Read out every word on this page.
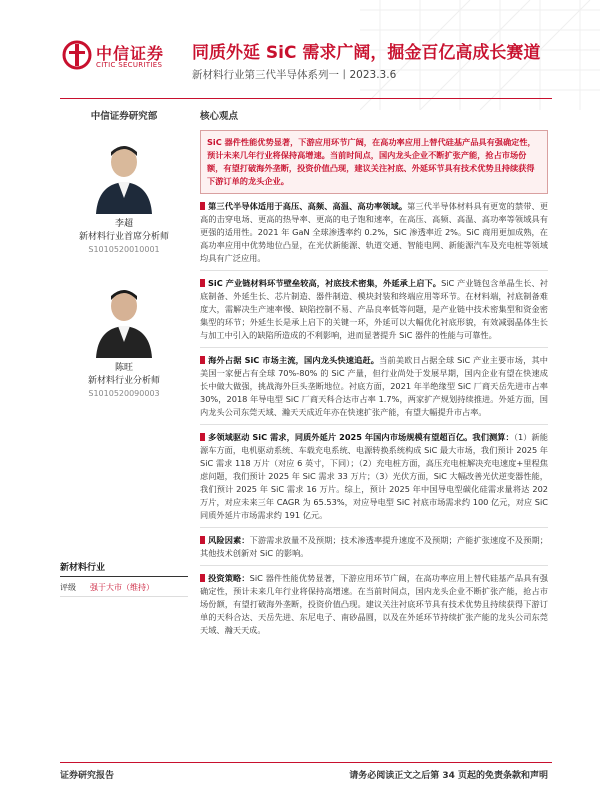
中信证券
CITIC SECURITIES
同质外延 SiC 需求广阔，掘金百亿高成长赛道
新材料行业第三代半导体系列一丨2023.3.6
中信证券研究部
李超
新材料行业首席分析师
S1010520010001
陈旺
新材料行业分析师
S1010520090003
新材料行业
评级	强于大市（维持）
核心观点
SiC 器件性能优势显著，下游应用环节广阔，在高功率应用上替代硅基产品具有强确定性，预计未来几年行业将保持高增速。当前时间点，国内龙头企业不断扩张产能，抢占市场份额，有望打破海外垄断，投资价值凸现，建议关注衬底、外延环节具有技术优势且持续获得下游订单的龙头企业。
第三代半导体适用于高压、高频、高温、高功率领域。第三代半导体材料具有更宽的禁带、更高的击穿电场、更高的热导率、更高的电子饱和速率，在高压、高频、高温、高功率等领域具有更强的适用性。2021 年 GaN 全球渗透率约 0.2%，SiC 渗透率近 2%。SiC 商用更加成熟，在高功率应用中优势地位凸显，在光伏新能源、轨道交通、智能电网、新能源汽车及充电桩等领域均具有广泛应用。
SiC 产业链材料环节壁垒较高，衬底技术密集，外延承上启下。SiC 产业链包含单晶生长、衬底制备、外延生长、芯片制造、器件制造、模块封装和终端应用等环节。在材料端，衬底制备难度大，需解决生产速率慢、缺陷控制不易、产品良率低等问题，是产业链中技术密集型和资金密集型的环节；外延生长是承上启下的关键一环，外延可以大幅优化衬底形貌，有效减弱晶体生长与加工中引入的缺陷所造成的不利影响，进而显著提升 SiC 器件的性能与可靠性。
海外占据 SiC 市场主流，国内龙头快速追赶。当前美欧日占据全球 SiC 产业主要市场，其中美国一家便占有全球 70%-80% 的 SiC 产量，但行业尚处于发展早期，国内企业有望在快速成长中做大做强，挑战海外巨头垄断地位。衬底方面，2021 年半绝缘型 SiC 厂商天岳先进市占率 30%，2018 年导电型 SiC 厂商天科合达市占率 1.7%，两家扩产规划持续推进。外延方面，国内龙头公司东莞天域、瀚天天成近年亦在快速扩张产能，有望大幅提升市占率。
多领域驱动 SiC 需求，同质外延片 2025 年国内市场规模有望超百亿。我们测算：（1）新能源车方面，电机驱动系统、车载充电系统、电源转换系统构成 SiC 最大市场，我们预计 2025 年 SiC 需求 118 万片（对应 6 英寸，下同）；（2）充电桩方面，高压充电桩解决充电速度+里程焦虑问题，我们预计 2025 年 SiC 需求 33 万片；（3）光伏方面，SiC 大幅改善光伏逆变器性能，我们预计 2025 年 SiC 需求 16 万片。综上，预计 2025 年中国导电型碳化硅需求量将达 202 万片，对应未来三年 CAGR 为 65.53%，对应导电型 SiC 衬底市场需求约 100 亿元，对应 SiC 同质外延片市场需求约 191 亿元。
风险因素：下游需求放量不及预期；技术渗透率提升速度不及预期；产能扩张速度不及预期；其他技术创新对 SiC 的影响。
投资策略：SiC 器件性能优势显著，下游应用环节广阔，在高功率应用上替代硅基产品具有强确定性，预计未来几年行业将保持高增速。在当前时间点，国内龙头企业不断扩张产能，抢占市场份额，有望打破海外垄断，投资价值凸现。建议关注衬底环节具有技术优势且持续获得下游订单的天科合达、天岳先进、东尼电子、南砂晶圆，以及在外延环节持续扩张产能的龙头公司东莞天域、瀚天天成。
证券研究报告	请务必阅读正文之后第 34 页起的免责条款和声明
